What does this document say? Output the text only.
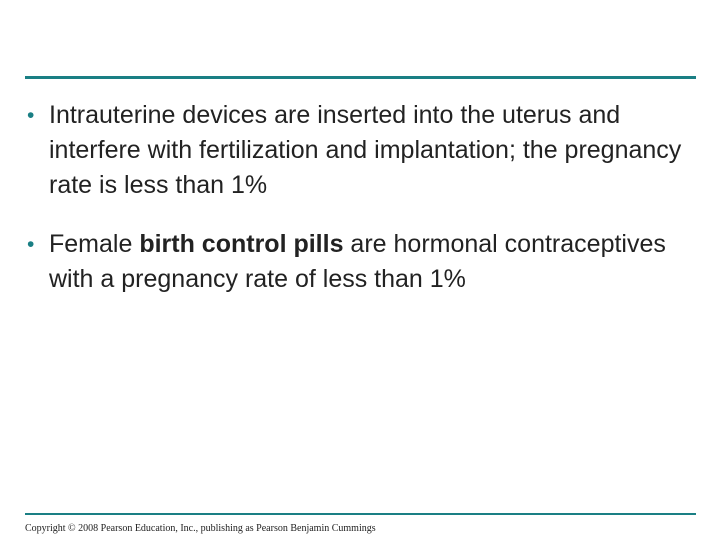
• Intrauterine devices are inserted into the uterus and interfere with fertilization and implantation; the pregnancy rate is less than 1%
• Female birth control pills are hormonal contraceptives with a pregnancy rate of less than 1%
Copyright © 2008 Pearson Education, Inc., publishing as Pearson Benjamin Cummings
